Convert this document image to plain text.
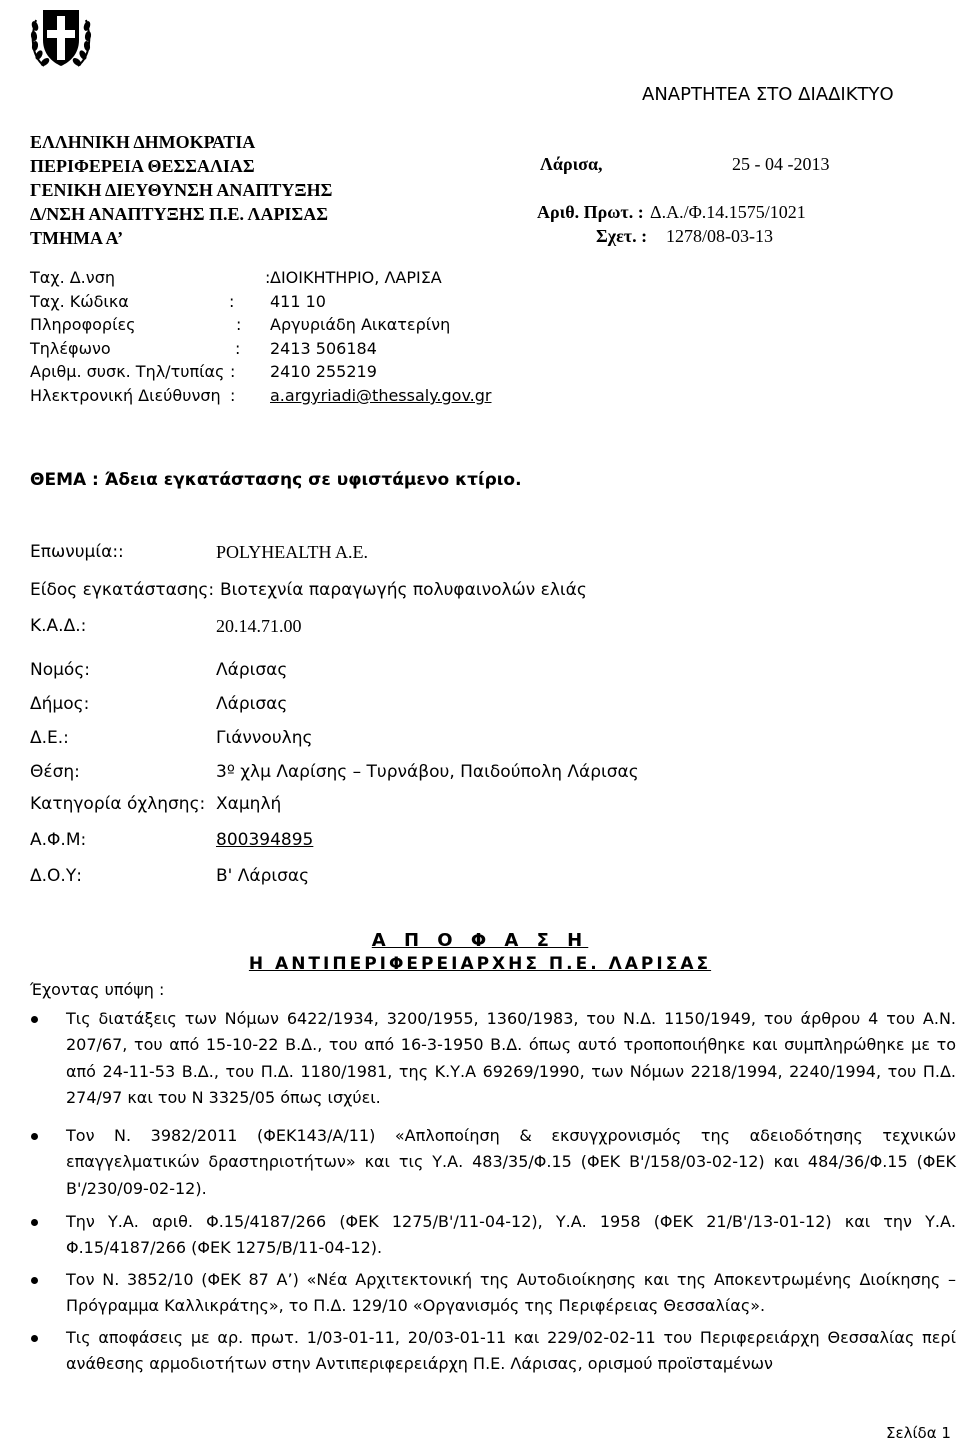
ΑΝΑΡΤΗΤΕΑ ΣΤΟ ΔΙΑΔΙΚΤΥΟ
ΕΛΛΗΝΙΚΗ ΔΗΜΟΚΡΑΤΙΑ
ΠΕΡΙΦΕΡΕΙΑ ΘΕΣΣΑΛΙΑΣ
ΓΕΝΙΚΗ ΔΙΕΥΘΥΝΣΗ ΑΝΑΠΤΥΞΗΣ
Δ/ΝΣΗ ΑΝΑΠΤΥΞΗΣ Π.Ε. ΛΑΡΙΣΑΣ
ΤΜΗΜΑ Α’
Λάρισα,	25 - 04 -2013
Αριθ. Πρωτ. : Δ.Α./Φ.14.1575/1021
Σχετ. : 1278/08-03-13
Ταχ. Δ.νση	: ΔΙΟΙΚΗΤΗΡΙΟ, ΛΑΡΙΣΑ
Ταχ. Κώδικα	: 411 10
Πληροφορίες	: Αργυριάδη Αικατερίνη
Τηλέφωνο	: 2413 506184
Αριθμ. συσκ. Τηλ/τυπίας : 2410 255219
Ηλεκτρονική Διεύθυνση : a.argyriadi@thessaly.gov.gr
ΘΕΜΑ : Άδεια εγκατάστασης σε υφιστάμενο κτίριο.
Επωνυμία::	POLYHEALTH A.E.
Είδος εγκατάστασης: Βιοτεχνία παραγωγής πολυφαινολών ελιάς
Κ.Α.Δ.:	20.14.71.00
Νομός:	Λάρισας
Δήμος:	Λάρισας
Δ.Ε.:	Γιάννουλης
Θέση:	3º χλμ Λαρίσης – Τυρνάβου, Παιδούπολη Λάρισας
Κατηγορία όχλησης: Χαμηλή
Α.Φ.Μ:	800394895
Δ.Ο.Υ:	Β' Λάρισας
Α Π Ο Φ Α Σ Η
Η ΑΝΤΙΠΕΡΙΦΕΡΕΙΑΡΧΗΣ Π.Ε. ΛΑΡΙΣΑΣ
Έχοντας υπόψη :
Τις διατάξεις των Νόμων 6422/1934, 3200/1955, 1360/1983, του Ν.Δ. 1150/1949, του άρθρου 4 του Α.Ν. 207/67, του από 15-10-22 Β.Δ., του από 16-3-1950 Β.Δ. όπως αυτό τροποποιήθηκε και συμπληρώθηκε με το από 24-11-53 Β.Δ., του Π.Δ. 1180/1981, της Κ.Υ.Α 69269/1990, των Νόμων 2218/1994, 2240/1994, του Π.Δ. 274/97 και του Ν 3325/05 όπως ισχύει.
Τον Ν. 3982/2011 (ΦΕΚ143/Α/11) «Απλοποίηση & εκσυγχρονισμός της αδειοδότησης τεχνικών επαγγελματικών δραστηριοτήτων» και τις Υ.Α. 483/35/Φ.15 (ΦΕΚ Β'/158/03-02-12) και 484/36/Φ.15 (ΦΕΚ Β'/230/09-02-12).
Την Υ.Α. αριθ. Φ.15/4187/266 (ΦΕΚ 1275/Β'/11-04-12), Υ.Α. 1958 (ΦΕΚ 21/Β'/13-01-12) και την Υ.Α. Φ.15/4187/266 (ΦΕΚ 1275/Β/11-04-12).
Τον Ν. 3852/10 (ΦΕΚ 87 Α’) «Νέα Αρχιτεκτονική της Αυτοδιοίκησης και της Αποκεντρωμένης Διοίκησης – Πρόγραμμα Καλλικράτης», το Π.Δ. 129/10 «Οργανισμός της Περιφέρειας Θεσσαλίας».
Τις αποφάσεις με αρ. πρωτ. 1/03-01-11, 20/03-01-11 και 229/02-02-11 του Περιφερειάρχη Θεσσαλίας περί ανάθεσης αρμοδιοτήτων στην Αντιπεριφερειάρχη Π.Ε. Λάρισας, ορισμού προϊσταμένων
Σελίδα 1
